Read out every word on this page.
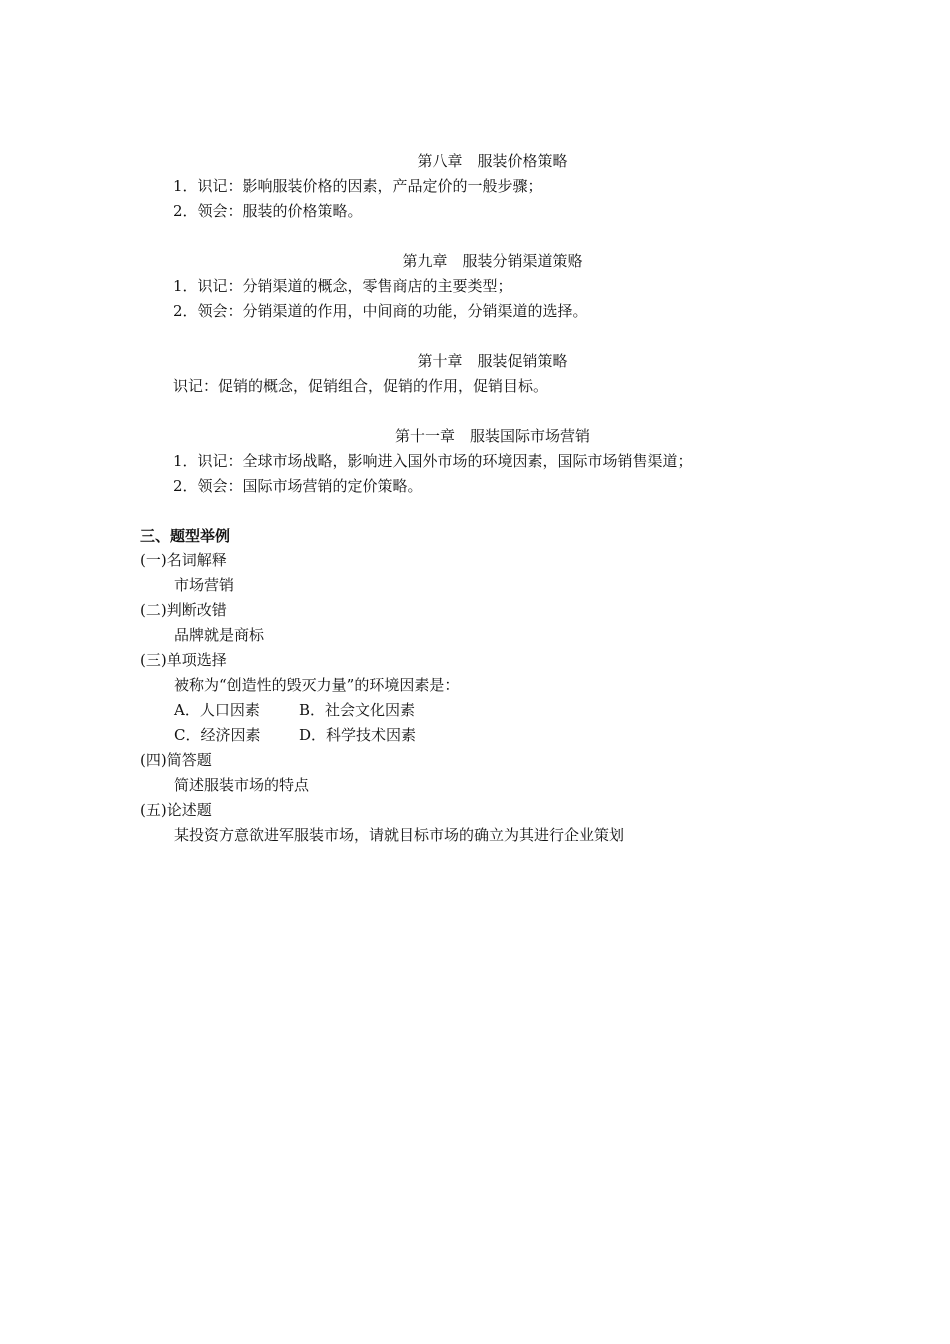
第八章　服装价格策略
1．识记：影响服装价格的因素，产品定价的一般步骤；
2．领会：服装的价格策略。
第九章　服装分销渠道策赂
1．识记：分销渠道的概念，零售商店的主要类型；
2．领会：分销渠道的作用，中间商的功能，分销渠道的选择。
第十章　服装促销策略
识记：促销的概念，促销组合，促销的作用，促销目标。
第十一章　服装国际市场营销
1．识记：全球市场战略，影响进入国外市场的环境因素，国际市场销售渠道；
2．领会：国际市场营销的定价策略。
三、题型举例
(一)名词解释
市场营销
(二)判断改错
品牌就是商标
(三)单项选择
被称为“创造性的毁灭力量”的环境因素是：
A．人口因素	B．社会文化因素
C．经济因素	D．科学技术因素
(四)简答题
简述服装市场的特点
(五)论述题
某投资方意欲进军服装市场，请就目标市场的确立为其进行企业策划
